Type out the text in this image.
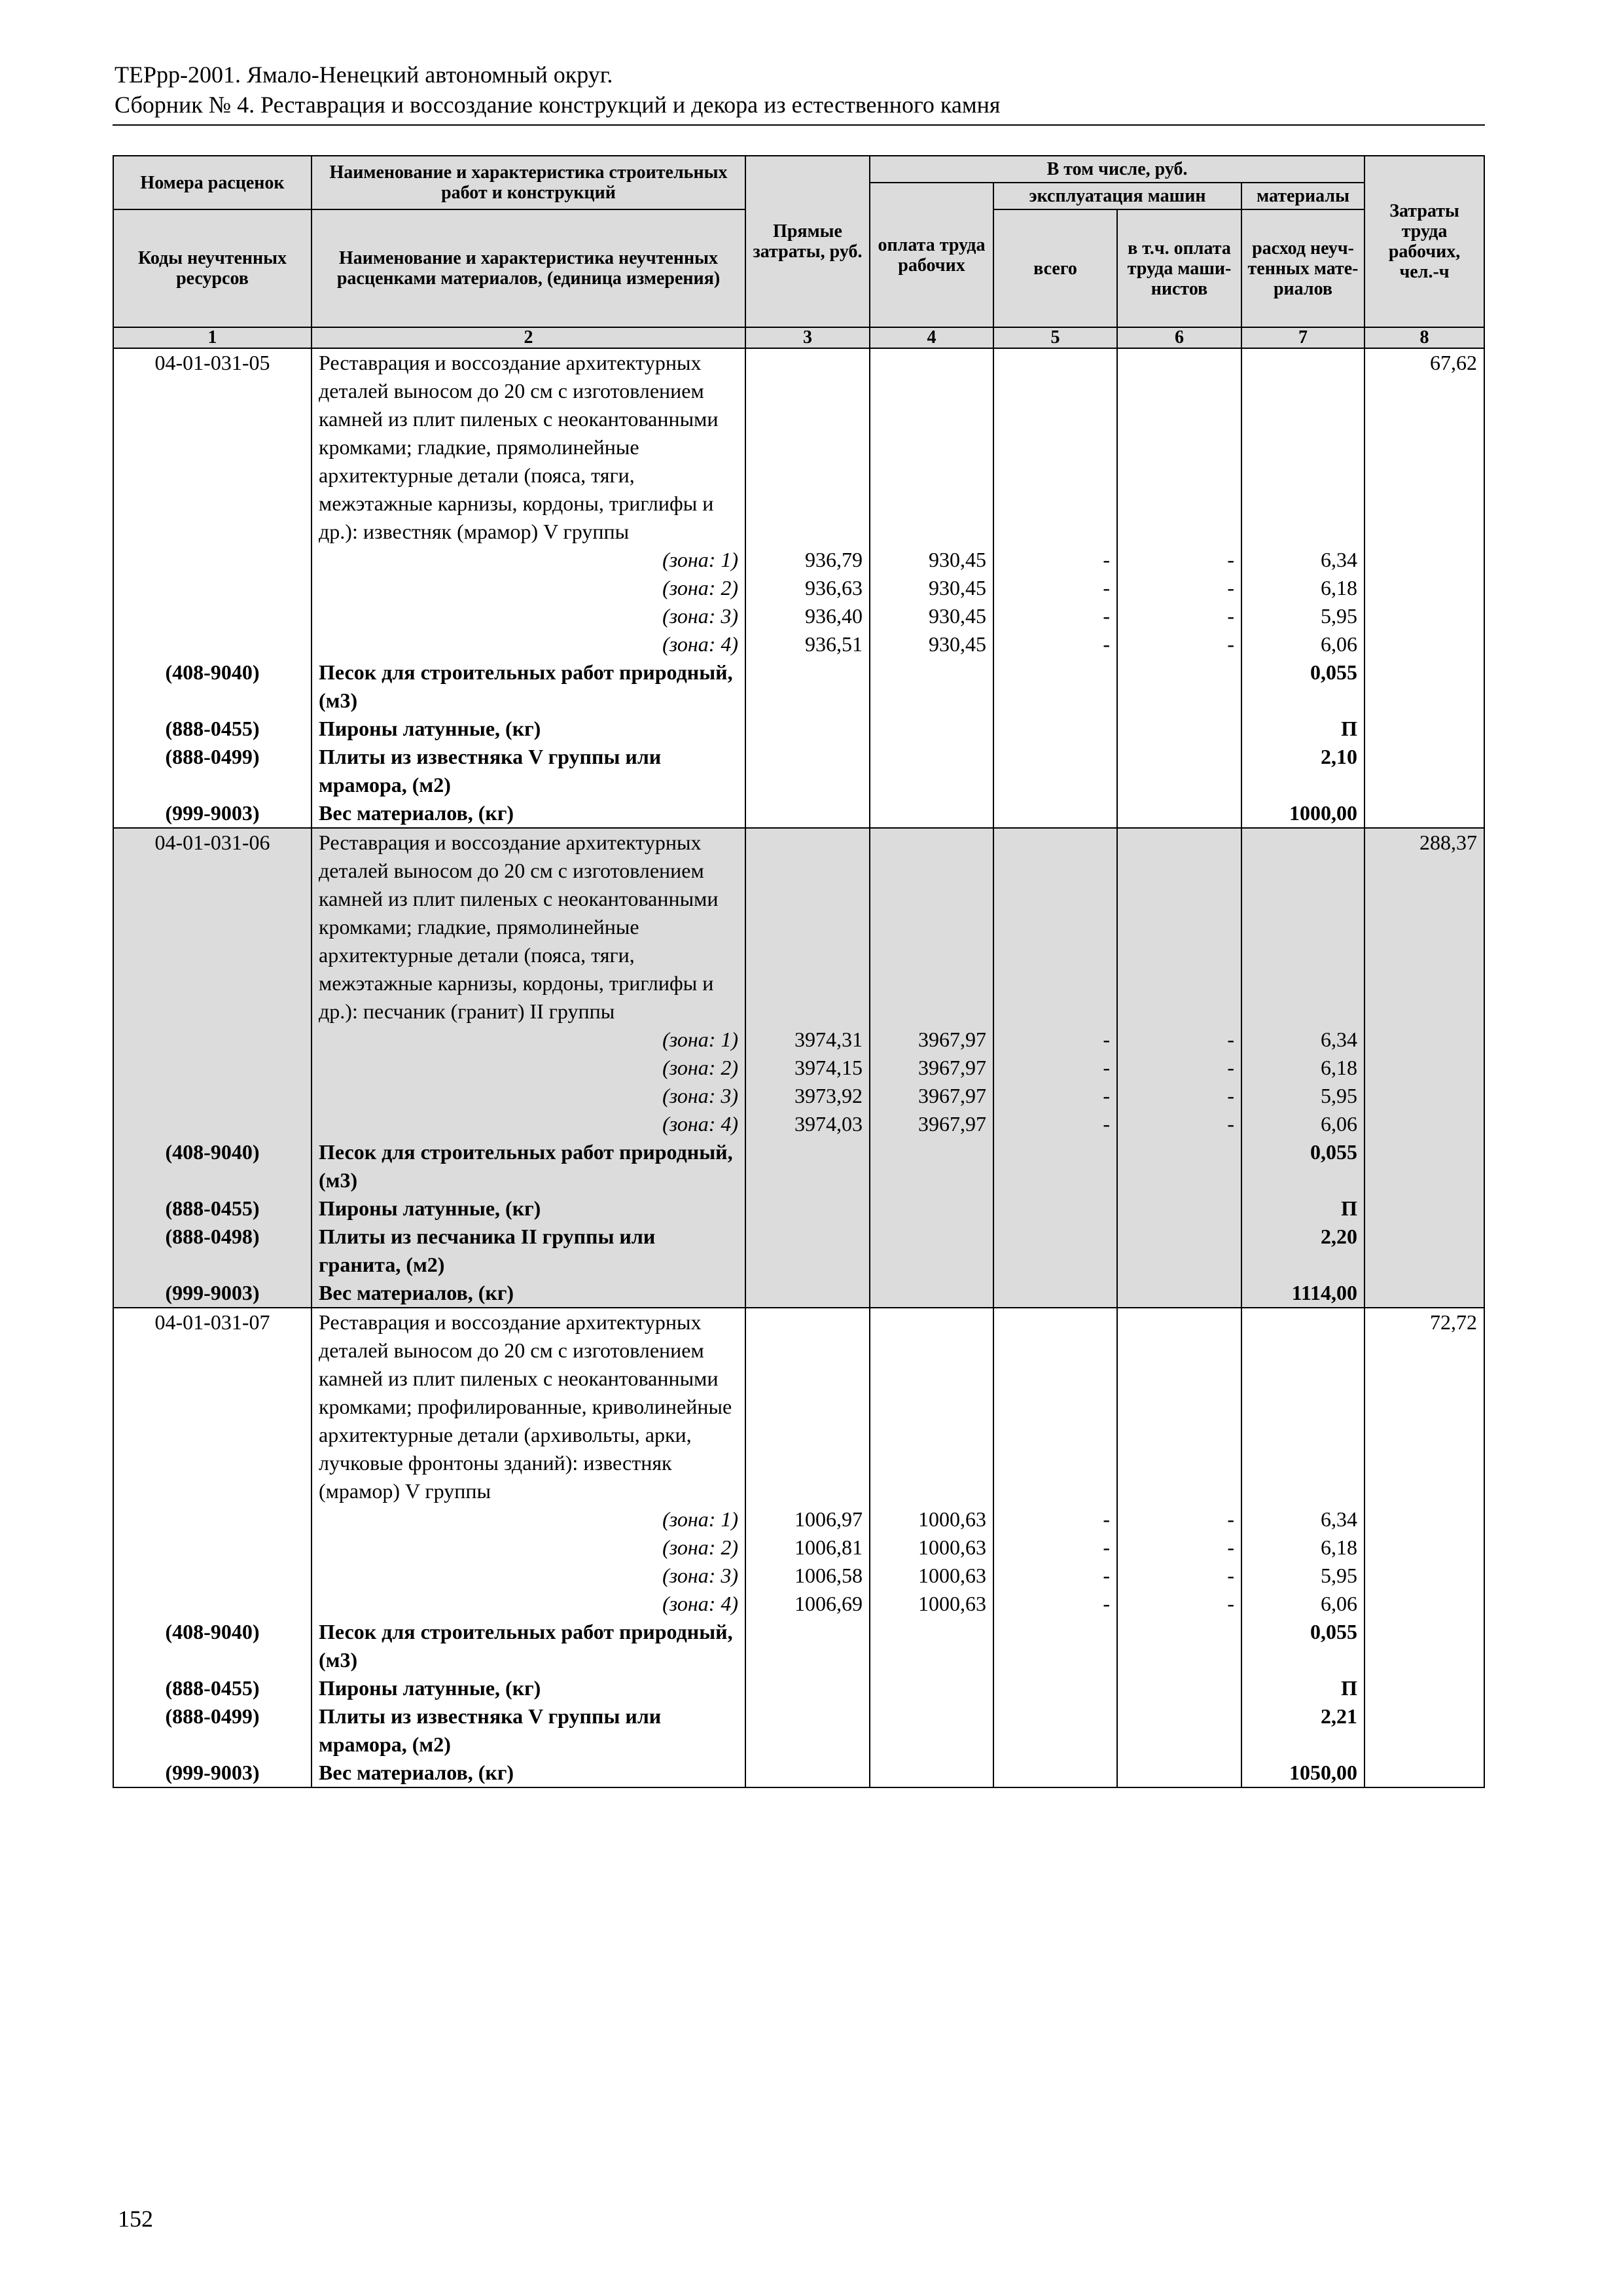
ТЕРрр-2001. Ямало-Ненецкий автономный округ.
Сборник № 4. Реставрация и воссоздание конструкций и декора из естественного камня
Номера расценок	Наименование и характеристика строительных работ и конструкций	Прямые затраты, руб.	В том числе, руб.				Затраты труда рабочих, чел.-ч
			оплата труда рабочих	эксплуатация машин		материалы	
Коды неучтенных ресурсов	Наименование и характеристика неучтенных расценками материалов, (единица измерения)			всего	в т.ч. оплата труда маши- нистов	расход неуч- тенных мате- риалов	

1	2	3	4	5	6	7	8
04-01-031-05	Реставрация и воссоздание архитектурных деталей выносом до 20 см с изготовлением камней из плит пиленых с неокантованными кромками; гладкие, прямолинейные архитектурные детали (пояса, тяги, межэтажные карнизы, кордоны, триглифы и др.): известняк (мрамор) V группы						67,62
	(зона: 1)	936,79	930,45	-	-	6,34	
	(зона: 2)	936,63	930,45	-	-	6,18	
	(зона: 3)	936,40	930,45	-	-	5,95	
	(зона: 4)	936,51	930,45	-	-	6,06	
(408-9040)	Песок для строительных работ природный, (м3)					0,055	
(888-0455)	Пироны латунные, (кг)					П	
(888-0499)	Плиты из известняка V группы или мрамора, (м2)					2,10	
(999-9003)	Вес материалов, (кг)					1000,00	
04-01-031-06	Реставрация и воссоздание архитектурных деталей выносом до 20 см с изготовлением камней из плит пиленых с неокантованными кромками; гладкие, прямолинейные архитектурные детали (пояса, тяги, межэтажные карнизы, кордоны, триглифы и др.): песчаник (гранит) II группы						288,37
	(зона: 1)	3974,31	3967,97	-	-	6,34	
	(зона: 2)	3974,15	3967,97	-	-	6,18	
	(зона: 3)	3973,92	3967,97	-	-	5,95	
	(зона: 4)	3974,03	3967,97	-	-	6,06	
(408-9040)	Песок для строительных работ природный, (м3)					0,055	
(888-0455)	Пироны латунные, (кг)					П	
(888-0498)	Плиты из песчаника II группы или гранита, (м2)					2,20	
(999-9003)	Вес материалов, (кг)					1114,00	
04-01-031-07	Реставрация и воссоздание архитектурных деталей выносом до 20 см с изготовлением камней из плит пиленых с неокантованными кромками; профилированные, криволинейные архитектурные детали (архивольты, арки, лучковые фронтоны зданий): известняк (мрамор) V группы						72,72
	(зона: 1)	1006,97	1000,63	-	-	6,34	
	(зона: 2)	1006,81	1000,63	-	-	6,18	
	(зона: 3)	1006,58	1000,63	-	-	5,95	
	(зона: 4)	1006,69	1000,63	-	-	6,06	
(408-9040)	Песок для строительных работ природный, (м3)					0,055	
(888-0455)	Пироны латунные, (кг)					П	
(888-0499)	Плиты из известняка V группы или мрамора, (м2)					2,21	
(999-9003)	Вес материалов, (кг)					1050,00	
152
